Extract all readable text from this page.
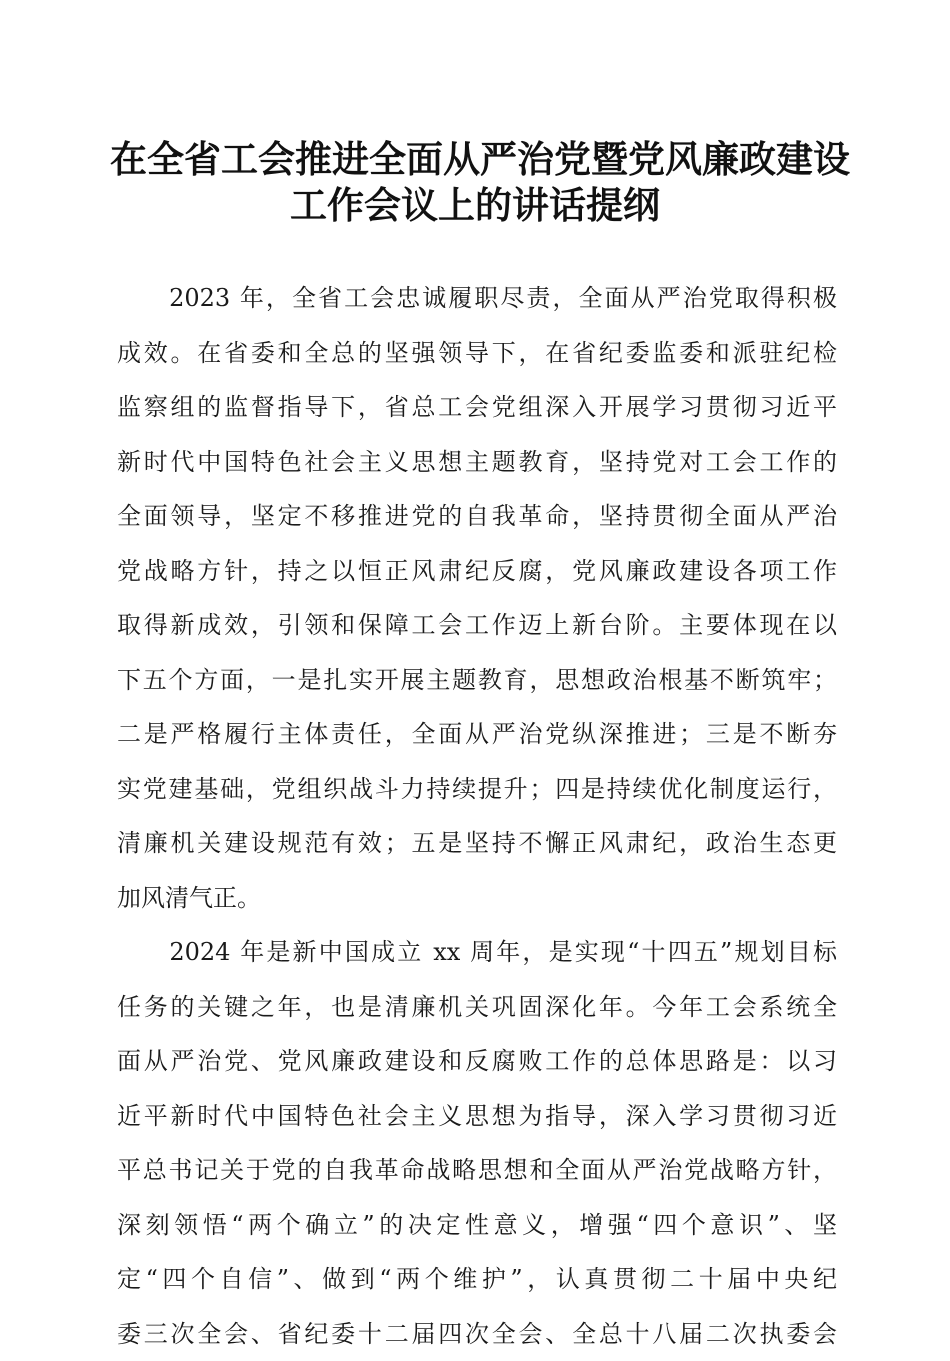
在全省工会推进全面从严治党暨党风廉政建设
工作会议上的讲话提纲
　　2023 年，全省工会忠诚履职尽责，全面从严治党取得积极
成效。在省委和全总的坚强领导下，在省纪委监委和派驻纪检
监察组的监督指导下，省总工会党组深入开展学习贯彻习近平
新时代中国特色社会主义思想主题教育，坚持党对工会工作的
全面领导，坚定不移推进党的自我革命，坚持贯彻全面从严治
党战略方针，持之以恒正风肃纪反腐，党风廉政建设各项工作
取得新成效，引领和保障工会工作迈上新台阶。主要体现在以
下五个方面，一是扎实开展主题教育，思想政治根基不断筑牢；
二是严格履行主体责任，全面从严治党纵深推进；三是不断夯
实党建基础，党组织战斗力持续提升；四是持续优化制度运行，
清廉机关建设规范有效；五是坚持不懈正风肃纪，政治生态更
加风清气正。
　　2024 年是新中国成立 xx 周年，是实现“十四五”规划目标
任务的关键之年，也是清廉机关巩固深化年。今年工会系统全
面从严治党、党风廉政建设和反腐败工作的总体思路是：以习
近平新时代中国特色社会主义思想为指导，深入学习贯彻习近
平总书记关于党的自我革命战略思想和全面从严治党战略方针，
深刻领悟“两个确立”的决定性意义，增强“四个意识”、坚
定“四个自信”、做到“两个维护”，认真贯彻二十届中央纪
委三次全会、省纪委十二届四次全会、全总十八届二次执委会
